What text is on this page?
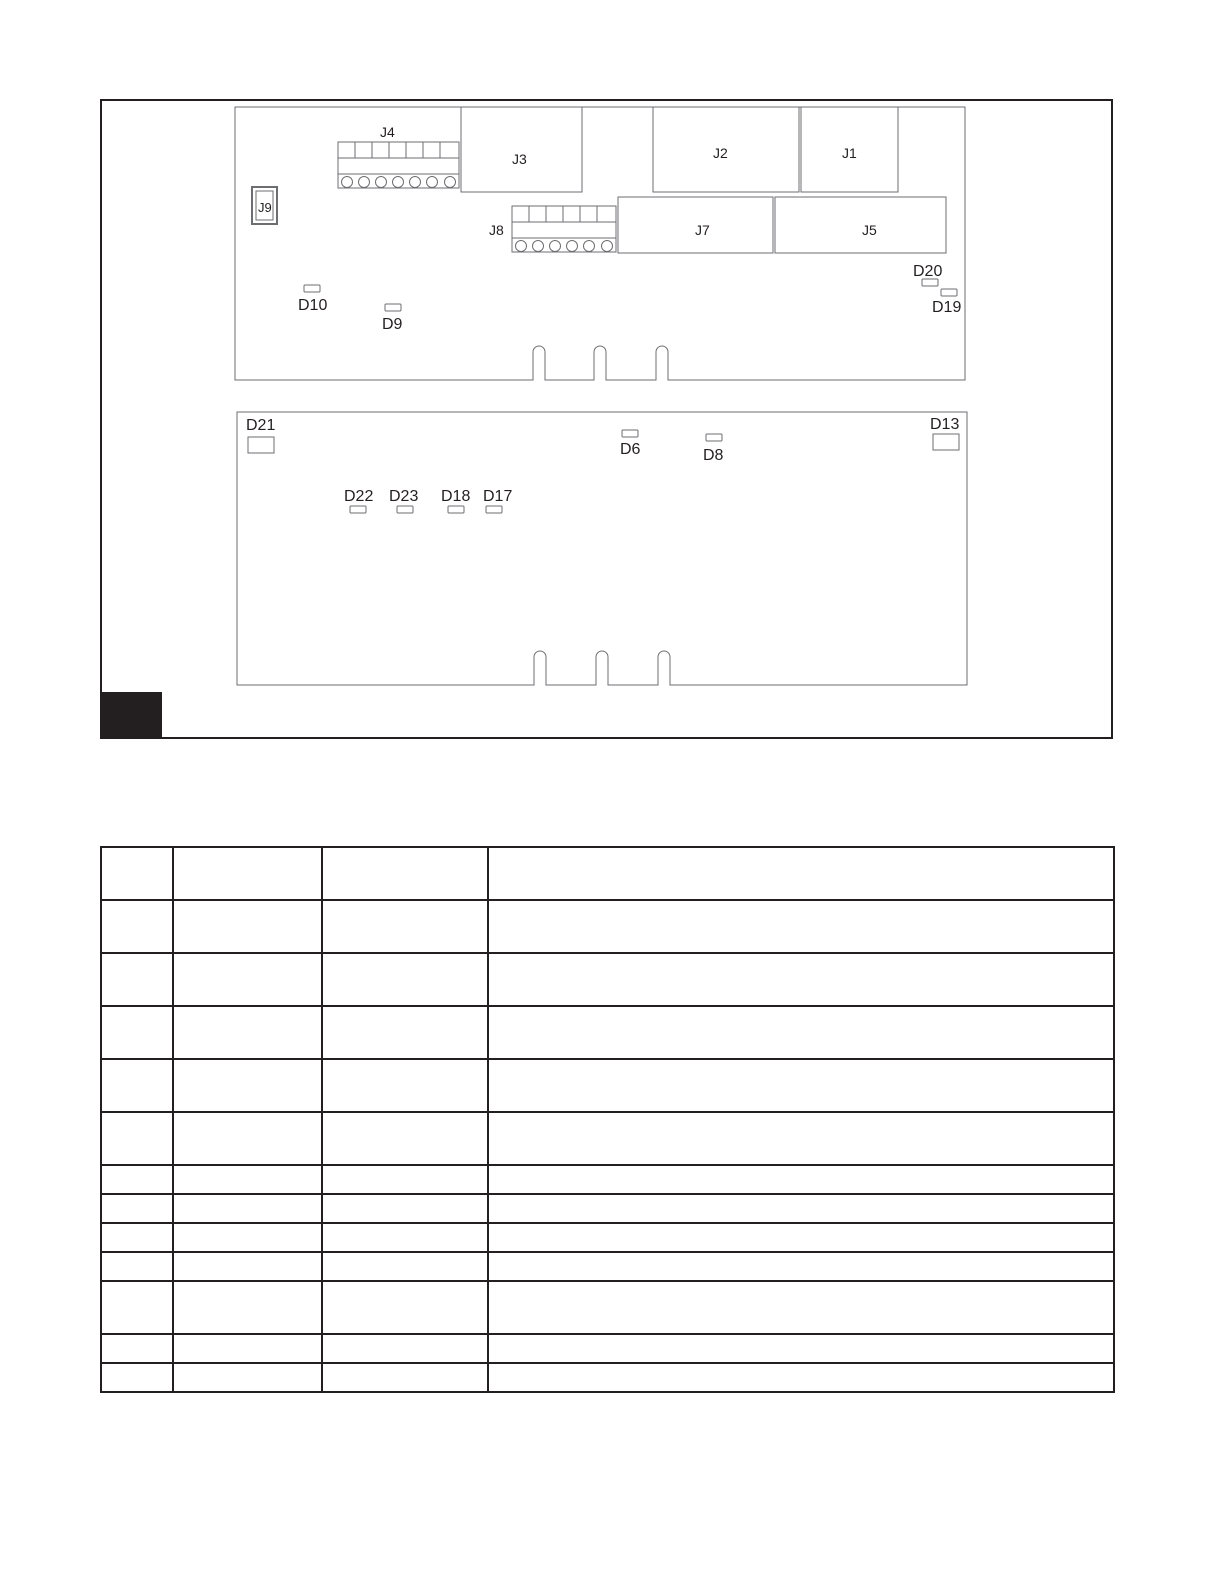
J4
J3	J2	J1
J9
J8	J7	J5
D20
D19
D10
D9
D21	D13
D6	D8
D22 D23 D18 D17
